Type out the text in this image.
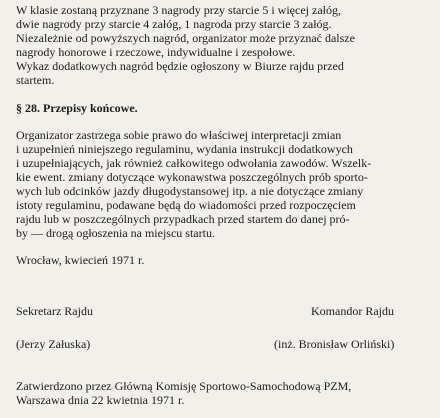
W klasie zostaną przyznane 3 nagrody przy starcie 5 i więcej załóg,
dwie nagrody przy starcie 4 załóg, 1 nagroda przy starcie 3 załóg.
Niezależnie od powyższych nagród, organizator może przyznać dalsze
nagrody honorowe i rzeczowe, indywidualne i zespołowe.
Wykaz dodatkowych nagród będzie ogłoszony w Biurze rajdu przed
startem.
§ 28. Przepisy końcowe.
Organizator zastrzega sobie prawo do właściwej interpretacji zmian
i uzupełnień niniejszego regulaminu, wydania instrukcji dodatkowych
i uzupełniających, jak również całkowitego odwołania zawodów. Wszelk-
kie ewent. zmiany dotyczące wykonawstwa poszczególnych prób sporto-
wych lub odcinków jazdy długodystansowej itp. a nie dotyczące zmiany
istoty regulaminu, podawane będą do wiadomości przed rozpoczęciem
rajdu lub w poszczególnych przypadkach przed startem do danej pró-
by — drogą ogłoszenia na miejscu startu.
Wrocław, kwiecień 1971 r.
Sekretarz Rajdu	Komandor Rajdu
(Jerzy Załuska)	(inż. Bronisław Orliński)
Zatwierdzono przez Główną Komisję Sportowo-Samochodową PZM,
Warszawa dnia 22 kwietnia 1971 r.
